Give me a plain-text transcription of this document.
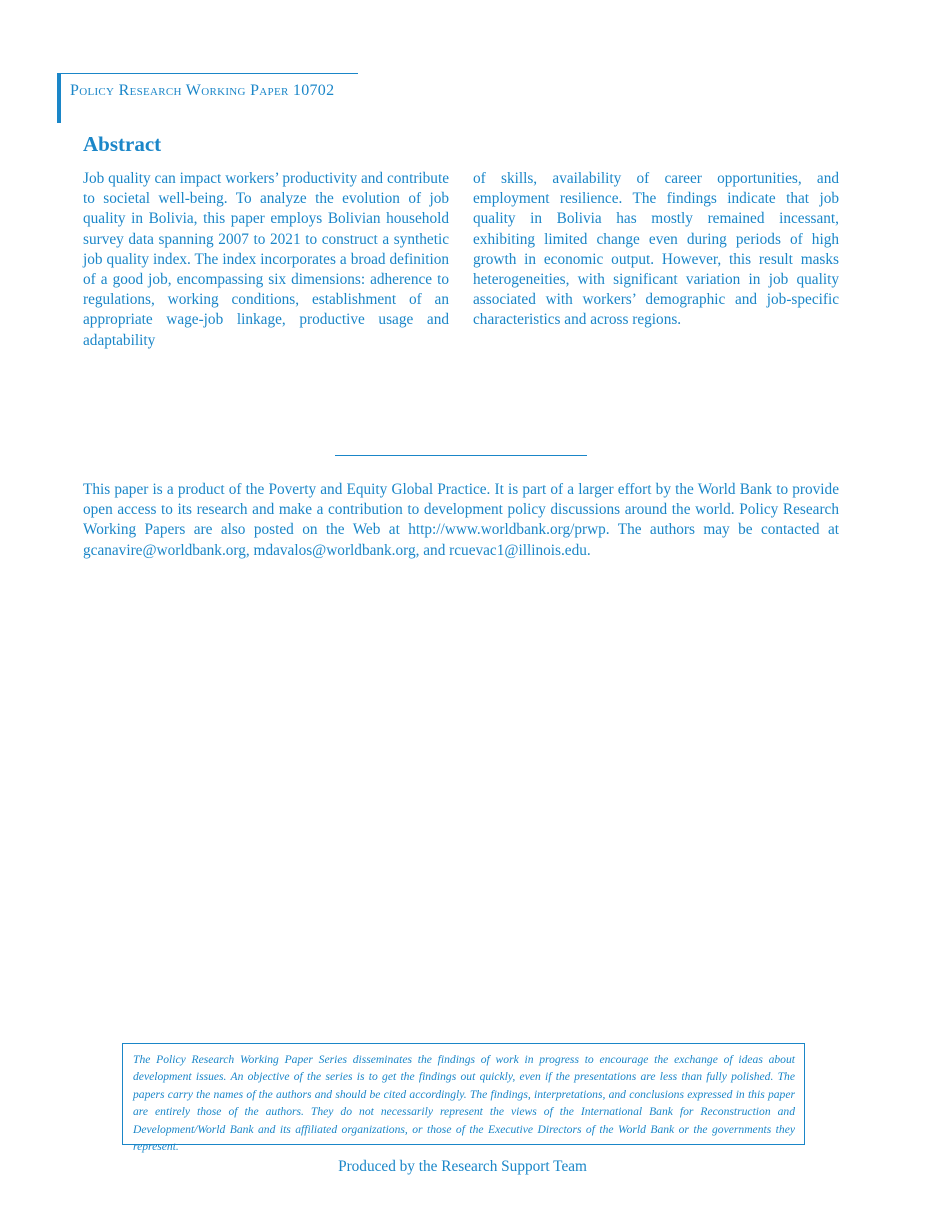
Policy Research Working Paper 10702
Abstract

Job quality can impact workers’ productivity and contribute to societal well-being. To analyze the evolution of job quality in Bolivia, this paper employs Bolivian household survey data spanning 2007 to 2021 to construct a synthetic job quality index. The index incorporates a broad definition of a good job, encompassing six dimensions: adherence to regulations, working conditions, establishment of an appropriate wage-job linkage, productive usage and adaptability

of skills, availability of career opportunities, and employment resilience. The findings indicate that job quality in Bolivia has mostly remained incessant, exhibiting limited change even during periods of high growth in economic output. However, this result masks heterogeneities, with significant variation in job quality associated with workers’ demographic and job-specific characteristics and across regions.

This paper is a product of the Poverty and Equity Global Practice. It is part of a larger effort by the World Bank to provide open access to its research and make a contribution to development policy discussions around the world. Policy Research Working Papers are also posted on the Web at http://www.worldbank.org/prwp. The authors may be contacted at gcanavire@worldbank.org, mdavalos@worldbank.org, and rcuevac1@illinois.edu.

The Policy Research Working Paper Series disseminates the findings of work in progress to encourage the exchange of ideas about development issues. An objective of the series is to get the findings out quickly, even if the presentations are less than fully polished. The papers carry the names of the authors and should be cited accordingly. The findings, interpretations, and conclusions expressed in this paper are entirely those of the authors. They do not necessarily represent the views of the International Bank for Reconstruction and Development/World Bank and its affiliated organizations, or those of the Executive Directors of the World Bank or the governments they represent.

Produced by the Research Support Team
